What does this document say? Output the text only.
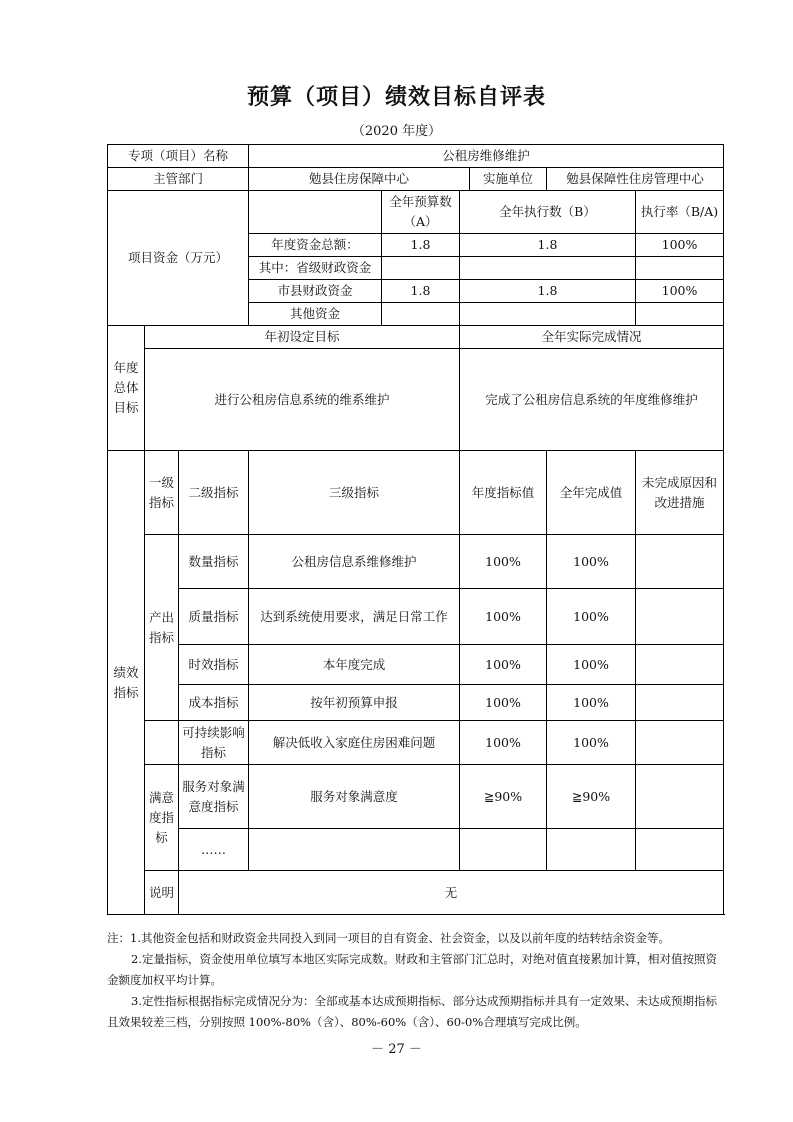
预算（项目）绩效目标自评表
（2020 年度）
专项（项目）名称			公租房维修维护					
主管部门			勉县住房保障中心			实施单位	勉县保障性住房管理中心	
项目资金（万元）				全年预算数（A）	全年执行数（B）			执行率（B/A)
			年度资金总额：	1.8	1.8			100%
			其中：省级财政资金					
			市县财政资金	1.8	1.8			100%
			其他资金					
年度总体目标	年初设定目标				全年实际完成情况			
	进行公租房信息系统的维系维护				完成了公租房信息系统的年度维修维护			
绩效指标	一级指标	二级指标	三级指标		年度指标值		全年完成值	未完成原因和改进措施
	产出指标	数量指标	公租房信息系维修维护		100%		100%	
		质量指标	达到系统使用要求，满足日常工作		100%		100%	
		时效指标	本年度完成		100%		100%	
		成本指标	按年初预算申报		100%		100%	
		可持续影响指标	解决低收入家庭住房困难问题		100%		100%	
	满意度指标	服务对象满意度指标	服务对象满意度		≧90%		≧90%	
		……						
	说明	无						

注：1.其他资金包括和财政资金共同投入到同一项目的自有资金、社会资金，以及以前年度的结转结余资金等。

2.定量指标，资金使用单位填写本地区实际完成数。财政和主管部门汇总时，对绝对值直接累加计算，相对值按照资金额度加权平均计算。

3.定性指标根据指标完成情况分为：全部或基本达成预期指标、部分达成预期指标并具有一定效果、未达成预期指标且效果较差三档，分别按照 100%-80%（含）、80%-60%（含）、60-0%合理填写完成比例。

－ 27 －
